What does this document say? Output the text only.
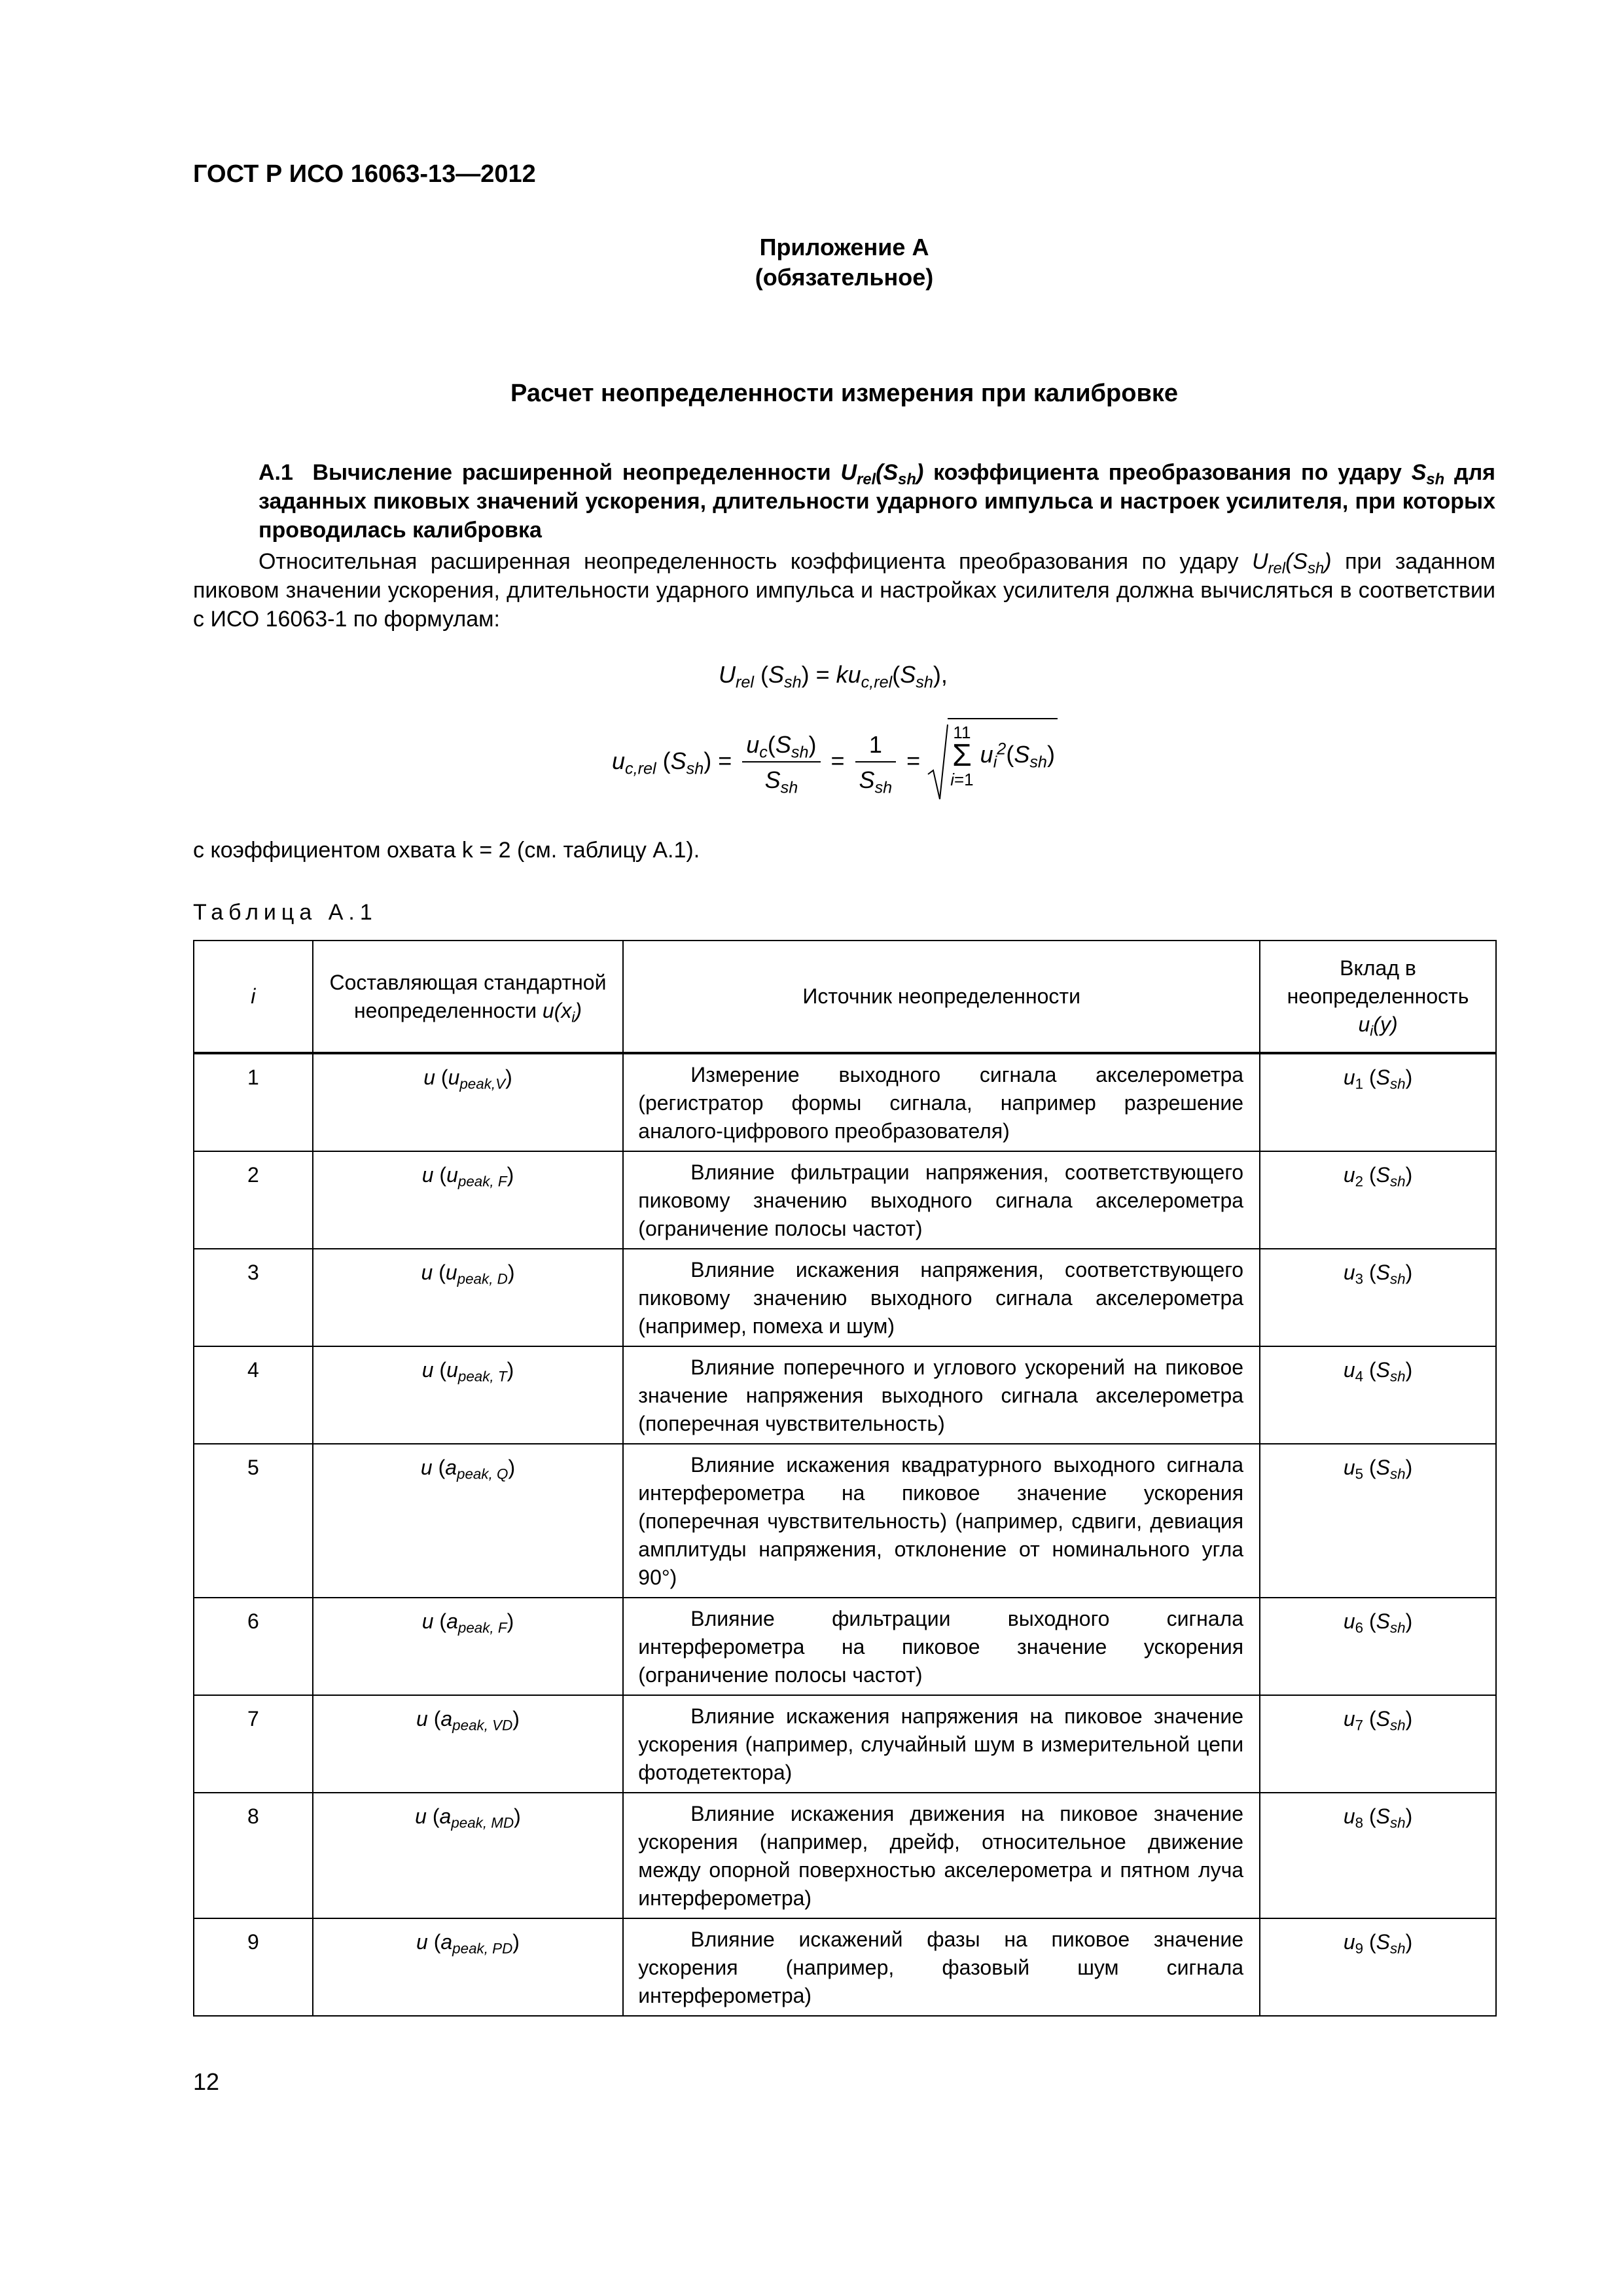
ГОСТ Р ИСО 16063-13—2012
Приложение А
(обязательное)
Расчет неопределенности измерения при калибровке
А.1 Вычисление расширенной неопределенности $U_{rel}(S_{sh})$ коэффициента преобразования по удару $S_{sh}$ для заданных пиковых значений ускорения, длительности ударного импульса и настроек усилителя, при которых проводилась калибровка
Относительная расширенная неопределенность коэффициента преобразования по удару $U_{rel}(S_{sh})$ при заданном пиковом значении ускорения, длительности ударного импульса и настройках усилителя должна вычисляться в соответствии с ИСО 16063-1 по формулам:
$U_{rel}$ $(S_{sh}) = ku_{c,rel}(S_{sh})$,
$u_{c,rel}$ $(S_{sh}) = \frac{u_c(S_{sh})}{S_{sh}} = \frac{1}{S_{sh}} = 11$
Σ
i=1 $u_i^2(S_{sh})$
с коэффициентом охвата k = 2 (см. таблицу А.1).
Таблица А.1
i	Составляющая стандартной неопределенности $u(x_i)$	Источник неопределенности	Вклад в неопределенность $u_i(y)$
1	u $(u_{peak,V})$	Измерение выходного сигнала акселерометра (регистратор формы сигнала, например разрешение аналого-цифрового преобразователя)	$u_1$ $(S_{sh})$
2	u $(u_{peak, F})$	Влияние фильтрации напряжения, соответствующего пиковому значению выходного сигнала акселерометра (ограничение полосы частот)	$u_2$ $(S_{sh})$
3	u $(u_{peak, D})$	Влияние искажения напряжения, соответствующего пиковому значению выходного сигнала акселерометра (например, помеха и шум)	$u_3$ $(S_{sh})$
4	u $(u_{peak, T})$	Влияние поперечного и углового ускорений на пиковое значение напряжения выходного сигнала акселерометра (поперечная чувствительность)	$u_4$ $(S_{sh})$
5	u $(a_{peak, Q})$	Влияние искажения квадратурного выходного сигнала интерферометра на пиковое значение ускорения (поперечная чувствительность) (например, сдвиги, девиация амплитуды напряжения, отклонение от номинального угла 90°)	$u_5$ $(S_{sh})$
6	u $(a_{peak, F})$	Влияние фильтрации выходного сигнала интерферометра на пиковое значение ускорения (ограничение полосы частот)	$u_6$ $(S_{sh})$
7	u $(a_{peak, VD})$	Влияние искажения напряжения на пиковое значение ускорения (например, случайный шум в измерительной цепи фотодетектора)	$u_7$ $(S_{sh})$
8	u $(a_{peak, MD})$	Влияние искажения движения на пиковое значение ускорения (например, дрейф, относительное движение между опорной поверхностью акселерометра и пятном луча интерферометра)	$u_8$ $(S_{sh})$
9	u $(a_{peak, PD})$	Влияние искажений фазы на пиковое значение ускорения (например, фазовый шум сигнала интерферометра)	$u_9$ $(S_{sh})$
12
